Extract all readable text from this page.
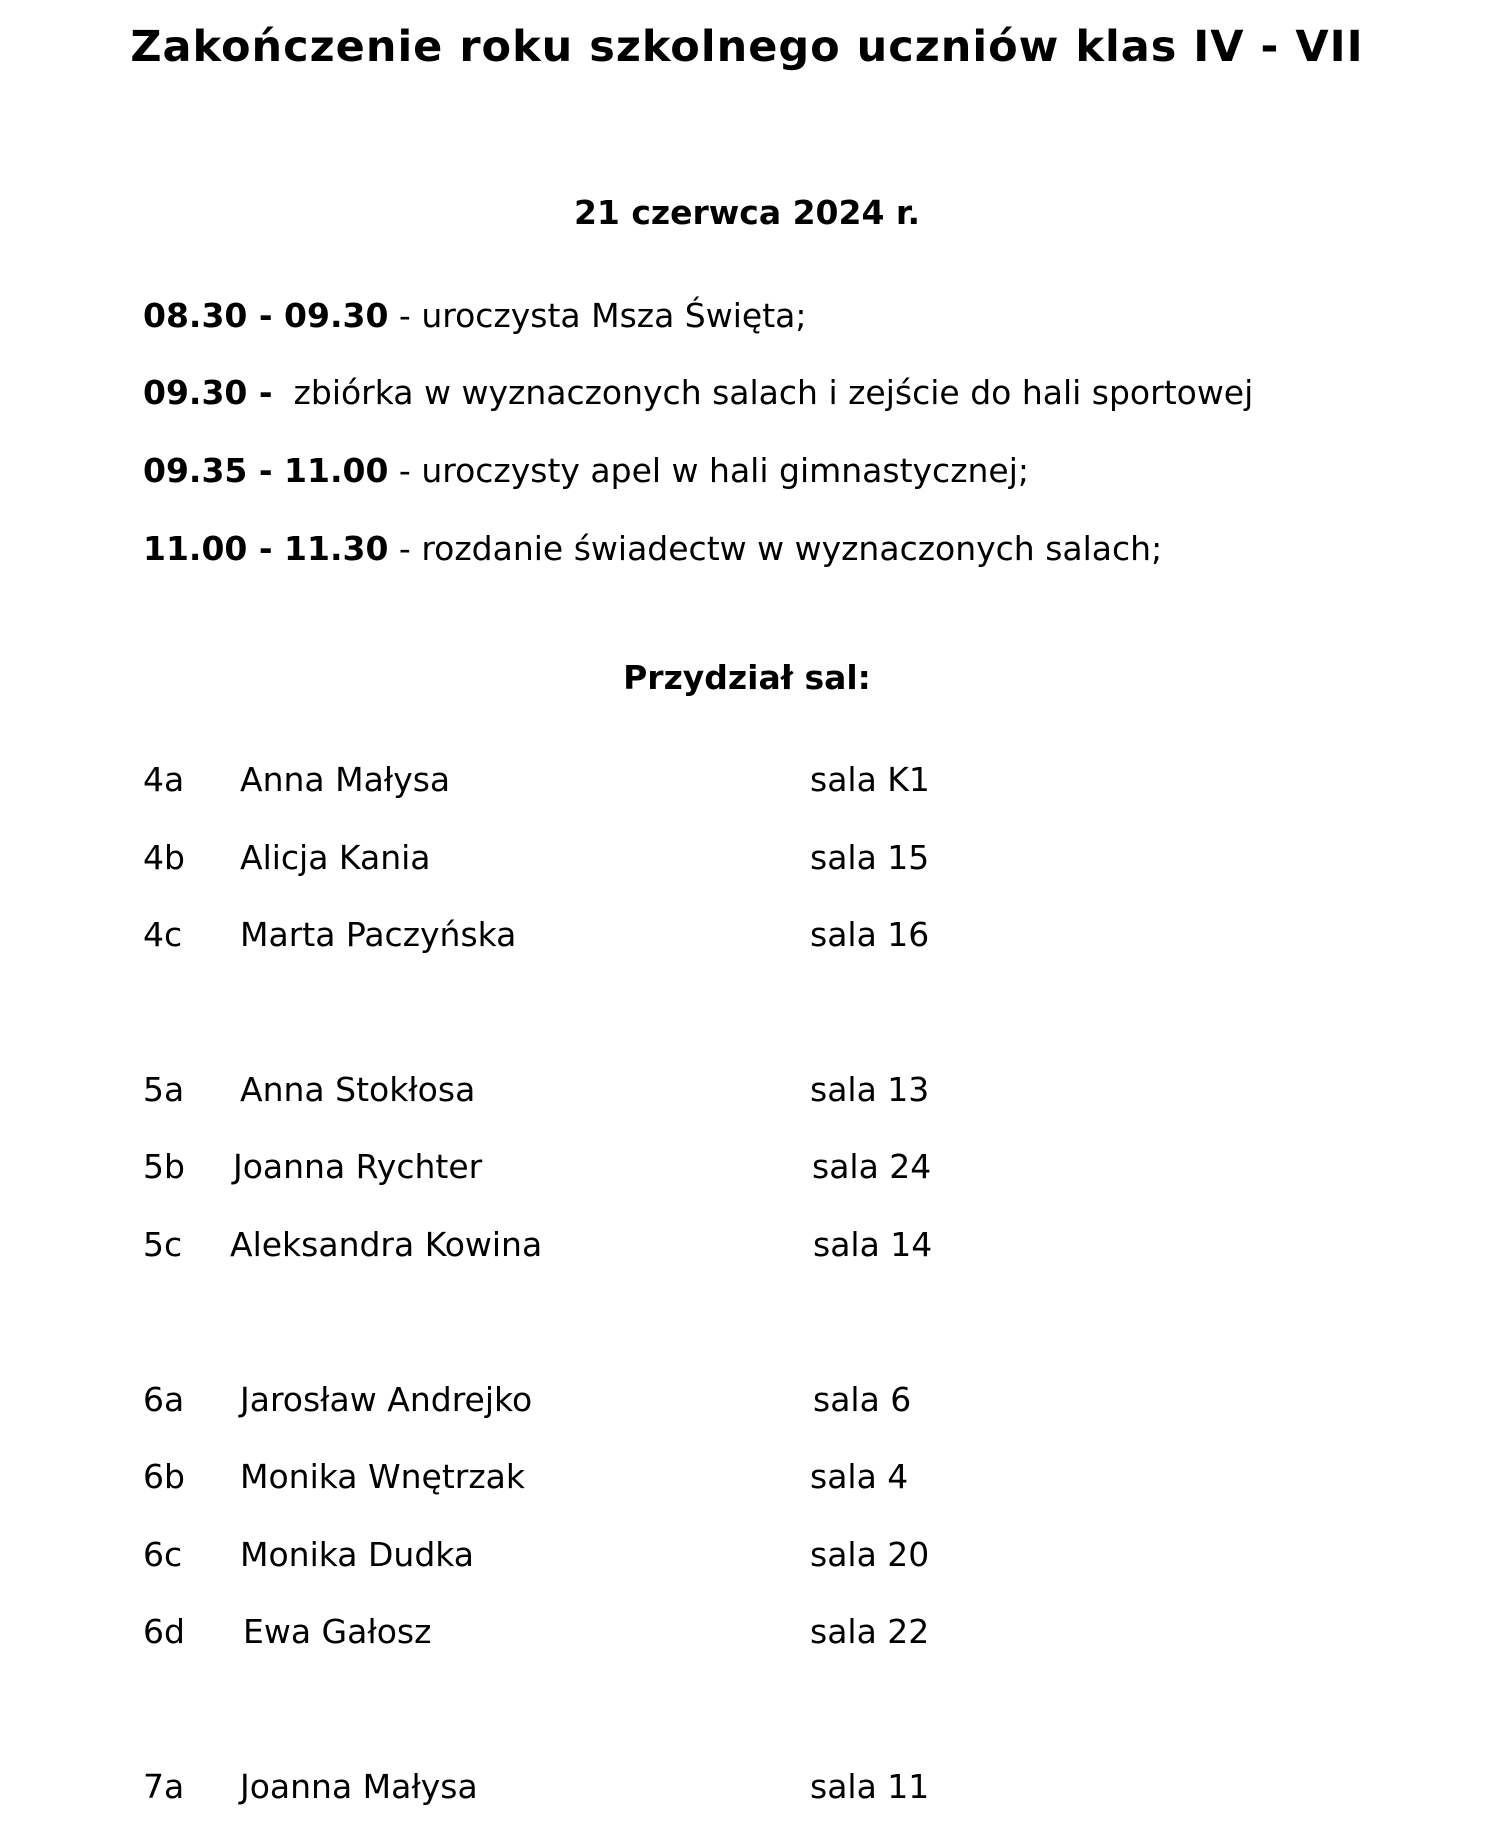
Zakończenie roku szkolnego uczniów klas IV - VII

21 czerwca 2024 r.

08.30 - 09.30 - uroczysta Msza Święta;
09.30 -  zbiórka w wyznaczonych salach i zejście do hali sportowej
09.35 - 11.00 - uroczysty apel w hali gimnastycznej;
11.00 - 11.30 - rozdanie świadectw w wyznaczonych salach;
Przydział sal:
4a Anna Małysa	sala K1
4b Alicja Kania	sala 15
4c Marta Paczyńska	sala 16
5a Anna Stokłosa	sala 13
5b Joanna Rychter	sala 24
5c Aleksandra Kowina	sala 14
6a Jarosław Andrejko	sala 6
6b Monika Wnętrzak	sala 4
6c Monika Dudka	sala 20
6d Ewa Gałosz	sala 22
7a Joanna Małysa	sala 11
